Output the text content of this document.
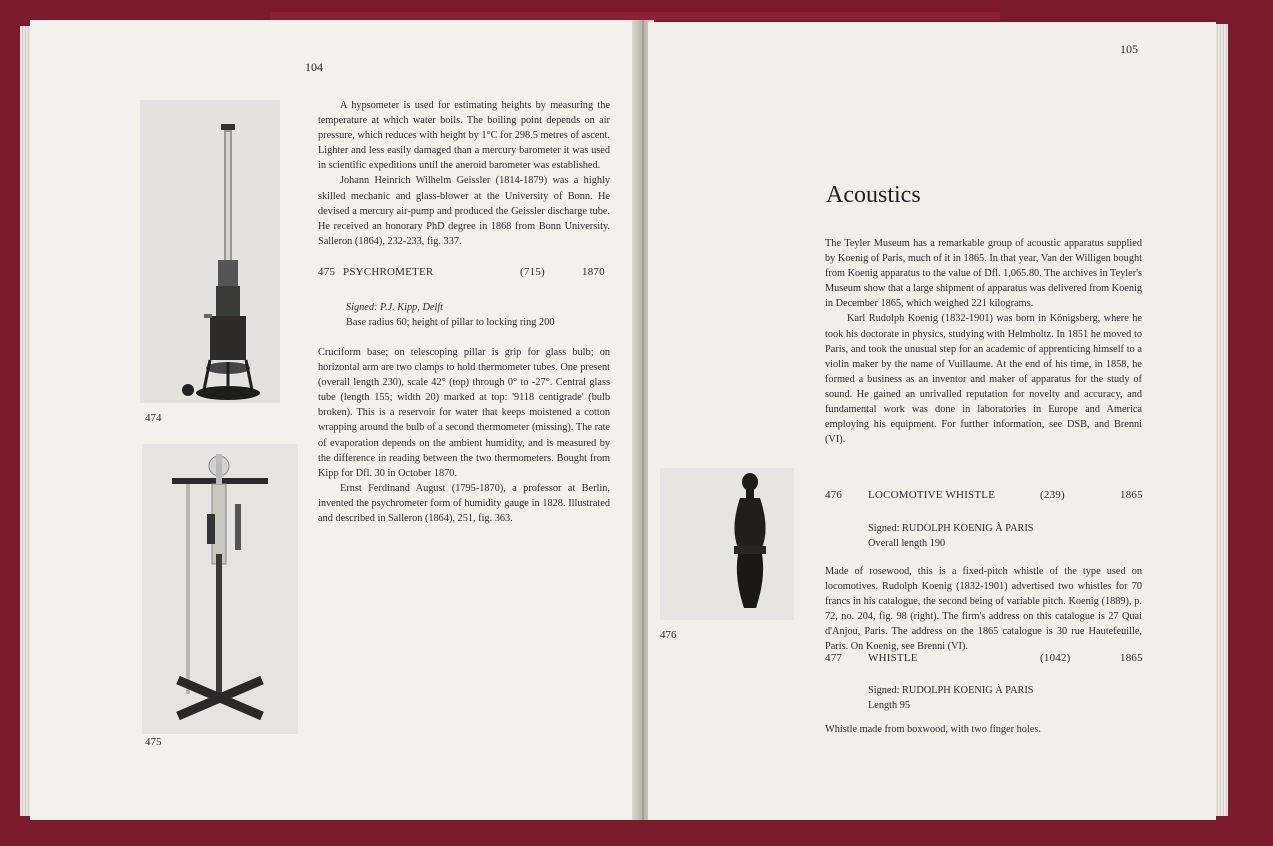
104
474
475

A hypsometer is used for estimating heights by measuring the temperature at which water boils. The boiling point depends on air pressure, which reduces with height by 1°C for 298.5 metres of ascent. Lighter and less easily damaged than a mercury barometer it was used in scientific expeditions until the aneroid barometer was established.

Johann Heinrich Wilhelm Geissler (1814-1879) was a highly skilled mechanic and glass-blower at the University of Bonn. He devised a mercury air-pump and produced the Geissler discharge tube. He received an honorary PhD degree in 1868 from Bonn University. Salleron (1864), 232-233, fig. 337.

475 PSYCHROMETER	(715)	1870
Signed: P.J. Kipp, Delft
Base radius 60; height of pillar to locking ring 200

Cruciform base; on telescoping pillar is grip for glass bulb; on horizontal arm are two clamps to hold thermometer tubes. One present (overall length 230), scale 42° (top) through 0° to -27°. Central glass tube (length 155; width 20) marked at top: '9118 centigrade' (bulb broken). This is a reservoir for water that keeps moistened a cotton wrapping around the bulb of a second thermometer (missing). The rate of evaporation depends on the ambient humidity, and is measured by the difference in reading between the two thermometers. Bought from Kipp for Dfl. 30 in October 1870.

Ernst Ferdinand August (1795-1870), a professor at Berlin, invented the psychrometer form of humidity gauge in 1828. Illustrated and described in Salleron (1864), 251, fig. 363.

105
Acoustics

The Teyler Museum has a remarkable group of acoustic apparatus supplied by Koenig of Paris, much of it in 1865. In that year, Van der Willigen bought from Koenig apparatus to the value of Dfl. 1,065.80. The archives in Teyler's Museum show that a large shipment of apparatus was delivered from Koenig in December 1865, which weighed 221 kilograms.

Karl Rudolph Koenig (1832-1901) was born in Königsberg, where he took his doctorate in physics, studying with Helmholtz. In 1851 he moved to Paris, and took the unusual step for an academic of apprenticing himself to a violin maker by the name of Vuillaume. At the end of his time, in 1858, he formed a business as an inventor and maker of apparatus for the study of sound. He gained an unrivalled reputation for novelty and accuracy, and fundamental work was done in laboratories in Europe and America employing his equipment. For further information, see DSB, and Brenni (VI).

476
476 LOCOMOTIVE WHISTLE	(239)	1865
Signed: RUDOLPH KOENIG À PARIS
Overall length 190

Made of rosewood, this is a fixed-pitch whistle of the type used on locomotives. Rudolph Koenig (1832-1901) advertised two whistles for 70 francs in his catalogue, the second being of variable pitch. Koenig (1889), p. 72, no. 204, fig. 98 (right). The firm's address on this catalogue is 27 Quai d'Anjou, Paris. The address on the 1865 catalogue is 30 rue Hautefeuille, Paris. On Koenig, see Brenni (VI).

477 WHISTLE	(1042)	1865
Signed: RUDOLPH KOENIG À PARIS
Length 95

Whistle made from boxwood, with two finger holes.
